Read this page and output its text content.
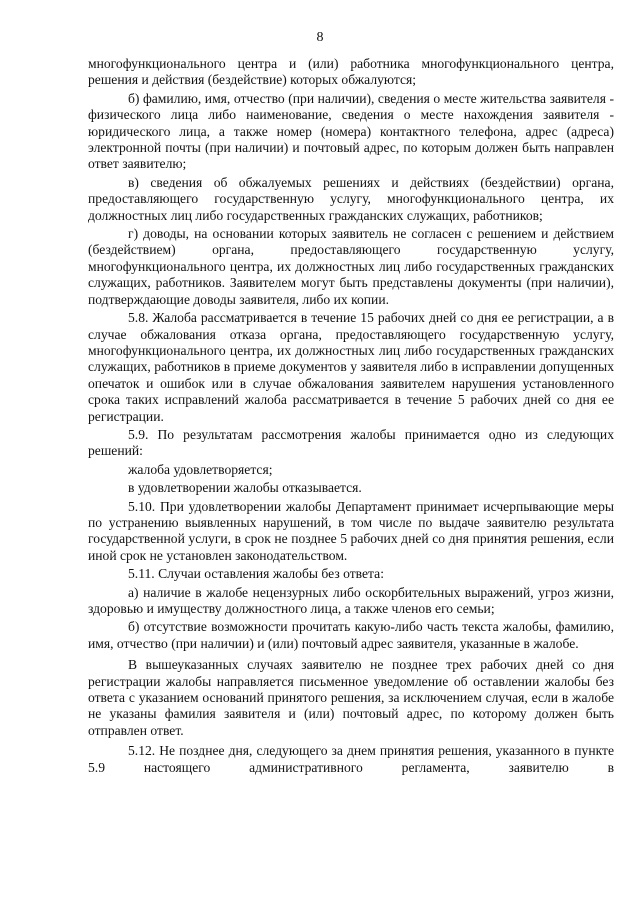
8

многофункционального центра и (или) работника многофункционального центра, решения и действия (бездействие) которых обжалуются;

б) фамилию, имя, отчество (при наличии), сведения о месте жительства заявителя - физического лица либо наименование, сведения о месте нахождения заявителя - юридического лица, а также номер (номера) контактного телефона, адрес (адреса) электронной почты (при наличии) и почтовый адрес, по которым должен быть направлен ответ заявителю;

в) сведения об обжалуемых решениях и действиях (бездействии) органа, предоставляющего государственную услугу, многофункционального центра, их должностных лиц либо государственных гражданских служащих, работников;

г) доводы, на основании которых заявитель не согласен с решением и действием (бездействием) органа, предоставляющего государственную услугу, многофункционального центра, их должностных лиц либо государственных гражданских служащих, работников. Заявителем могут быть представлены документы (при наличии), подтверждающие доводы заявителя, либо их копии.

5.8. Жалоба рассматривается в течение 15 рабочих дней со дня ее регистрации, а в случае обжалования отказа органа, предоставляющего государственную услугу, многофункционального центра, их должностных лиц либо государственных гражданских служащих, работников в приеме документов у заявителя либо в исправлении допущенных опечаток и ошибок или в случае обжалования заявителем нарушения установленного срока таких исправлений жалоба рассматривается в течение 5 рабочих дней со дня ее регистрации.

5.9. По результатам рассмотрения жалобы принимается одно из следующих решений:

жалоба удовлетворяется;

в удовлетворении жалобы отказывается.

5.10. При удовлетворении жалобы Департамент принимает исчерпывающие меры по устранению выявленных нарушений, в том числе по выдаче заявителю результата государственной услуги, в срок не позднее 5 рабочих дней со дня принятия решения, если иной срок не установлен законодательством.

5.11. Случаи оставления жалобы без ответа:

а) наличие в жалобе нецензурных либо оскорбительных выражений, угроз жизни, здоровью и имуществу должностного лица, а также членов его семьи;

б) отсутствие возможности прочитать какую-либо часть текста жалобы, фамилию, имя, отчество (при наличии) и (или) почтовый адрес заявителя, указанные в жалобе.

В вышеуказанных случаях заявителю не позднее трех рабочих дней со дня регистрации жалобы направляется письменное уведомление об оставлении жалобы без ответа с указанием оснований принятого решения, за исключением случая, если в жалобе не указаны фамилия заявителя и (или) почтовый адрес, по которому должен быть отправлен ответ.

5.12. Не позднее дня, следующего за днем принятия решения, указанного в пункте 5.9 настоящего административного регламента, заявителю в
